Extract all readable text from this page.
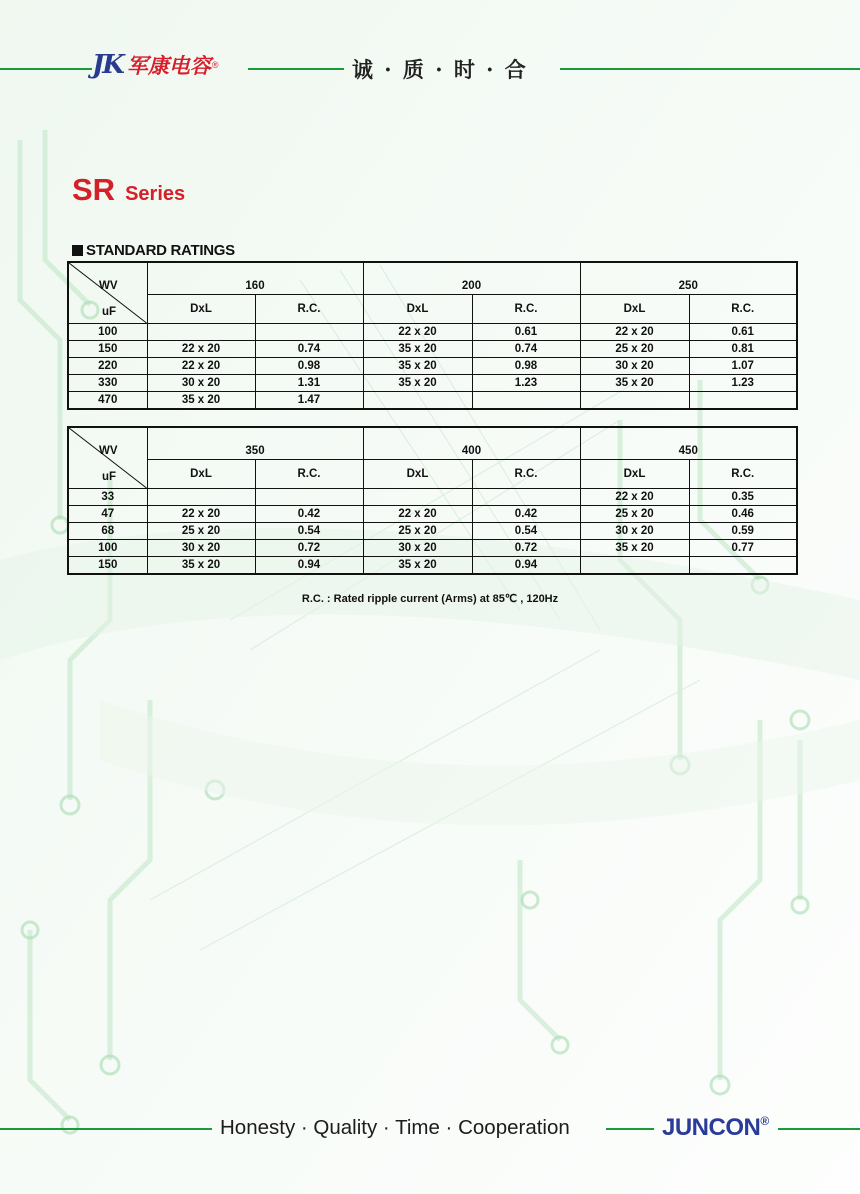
JK 军康电容 ®	诚 · 质 · 时 · 合
SR Series
STANDARD RATINGS
WV
uF	160		200		250	
	DxL	R.C.	DxL	R.C.	DxL	R.C.
100			22 x 20	0.61	22 x 20	0.61
150	22 x 20	0.74	35 x 20	0.74	25 x 20	0.81
220	22 x 20	0.98	35 x 20	0.98	30 x 20	1.07
330	30 x 20	1.31	35 x 20	1.23	35 x 20	1.23
470	35 x 20	1.47				
WV
uF	350		400		450	
	DxL	R.C.	DxL	R.C.	DxL	R.C.
33					22 x 20	0.35
47	22 x 20	0.42	22 x 20	0.42	25 x 20	0.46
68	25 x 20	0.54	25 x 20	0.54	30 x 20	0.59
100	30 x 20	0.72	30 x 20	0.72	35 x 20	0.77
150	35 x 20	0.94	35 x 20	0.94		
R.C. : Rated ripple current (Arms) at 85℃ , 120Hz
Honesty · Quality · Time · Cooperation	JUNCON®
